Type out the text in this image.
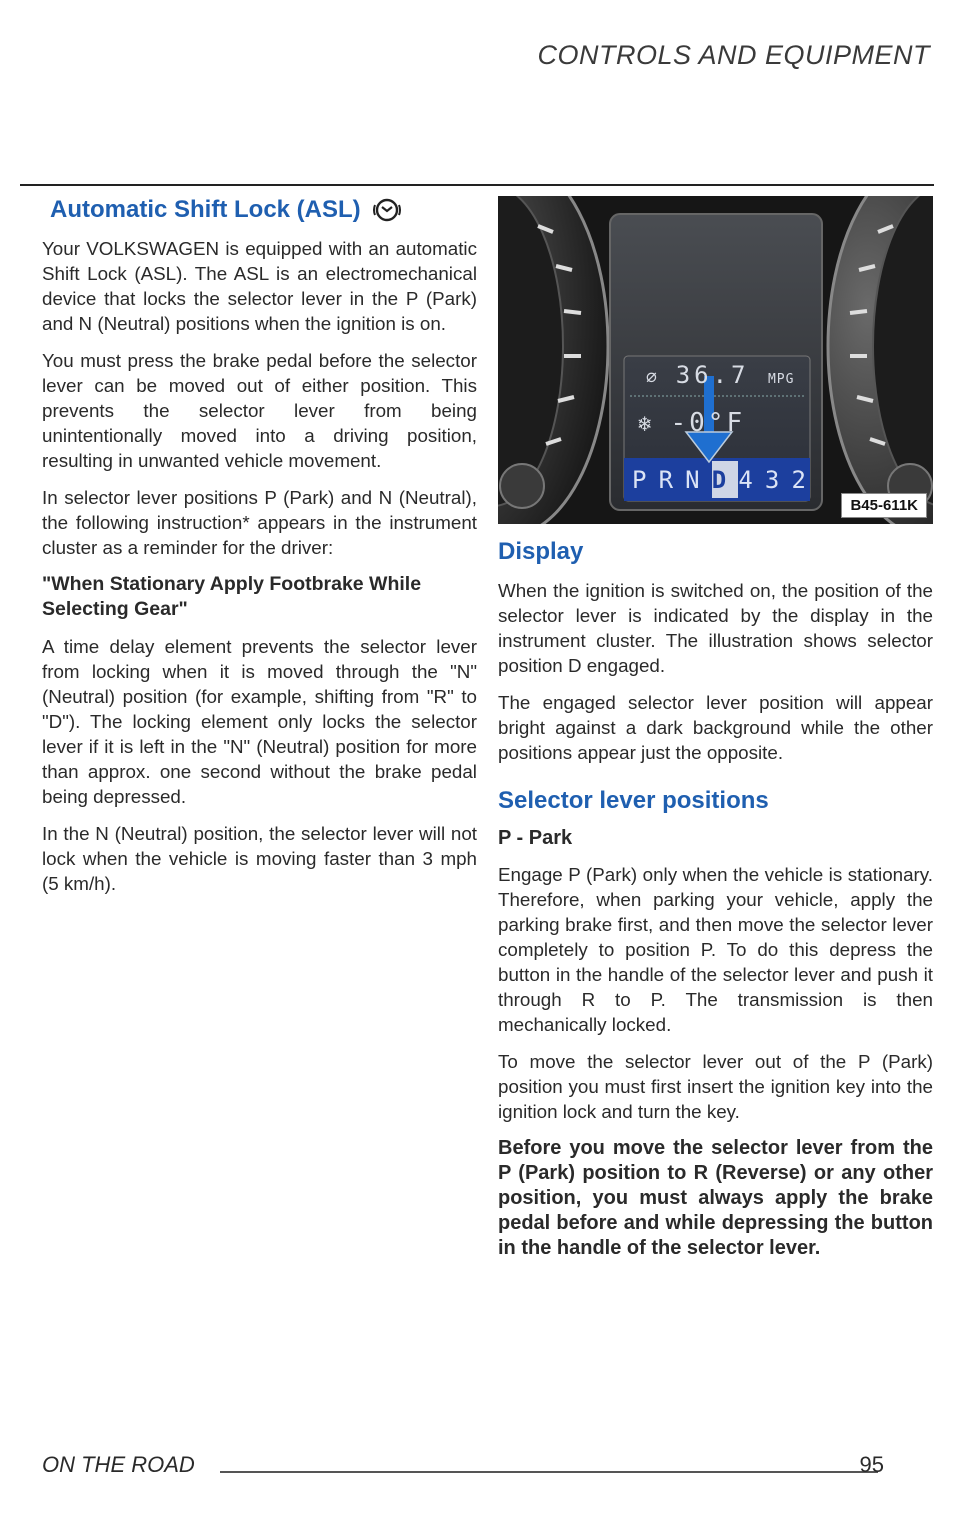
CONTROLS AND EQUIPMENT
Automatic Shift Lock (ASL)

Your VOLKSWAGEN is equipped with an automatic Shift Lock (ASL). The ASL is an electromechanical device that locks the selector lever in the P (Park) and N (Neutral) positions when the ignition is on.

You must press the brake pedal before the selector lever can be moved out of either position. This prevents the selector lever from being unintentionally moved into a driving position, resulting in unwanted vehicle movement.

In selector lever positions P (Park) and N (Neutral), the following instruction* appears in the instrument cluster as a reminder for the driver:

"When Stationary Apply Footbrake While Selecting Gear"

A time delay element prevents the selector lever from locking when it is moved through the "N" (Neutral) position (for example, shifting from "R" to "D"). The locking element only locks the selector lever if it is left in the "N" (Neutral) position for more than approx. one second without the brake pedal being depressed.

In the N (Neutral) position, the selector lever will not lock when the vehicle is moving faster than 3 mph (5 km/h).

⌀ 36.7 MPG
❄ -0°F
P R N D 4 3 2
B45-611K
Display

When the ignition is switched on, the position of the selector lever is indicated by the display in the instrument cluster. The illustration shows selector position D engaged.

The engaged selector lever position will appear bright against a dark background while the other positions appear just the opposite.

Selector lever positions
P - Park

Engage P (Park) only when the vehicle is stationary. Therefore, when parking your vehicle, apply the parking brake first, and then move the selector lever completely to position P. To do this depress the button in the handle of the selector lever and push it through R to P. The transmission is then mechanically locked.

To move the selector lever out of the P (Park) position you must first insert the ignition key into the ignition lock and turn the key.

Before you move the selector lever from the P (Park) position to R (Reverse) or any other position, you must always apply the brake pedal before and while depressing the button in the handle of the selector lever.
ON THE ROAD	95
